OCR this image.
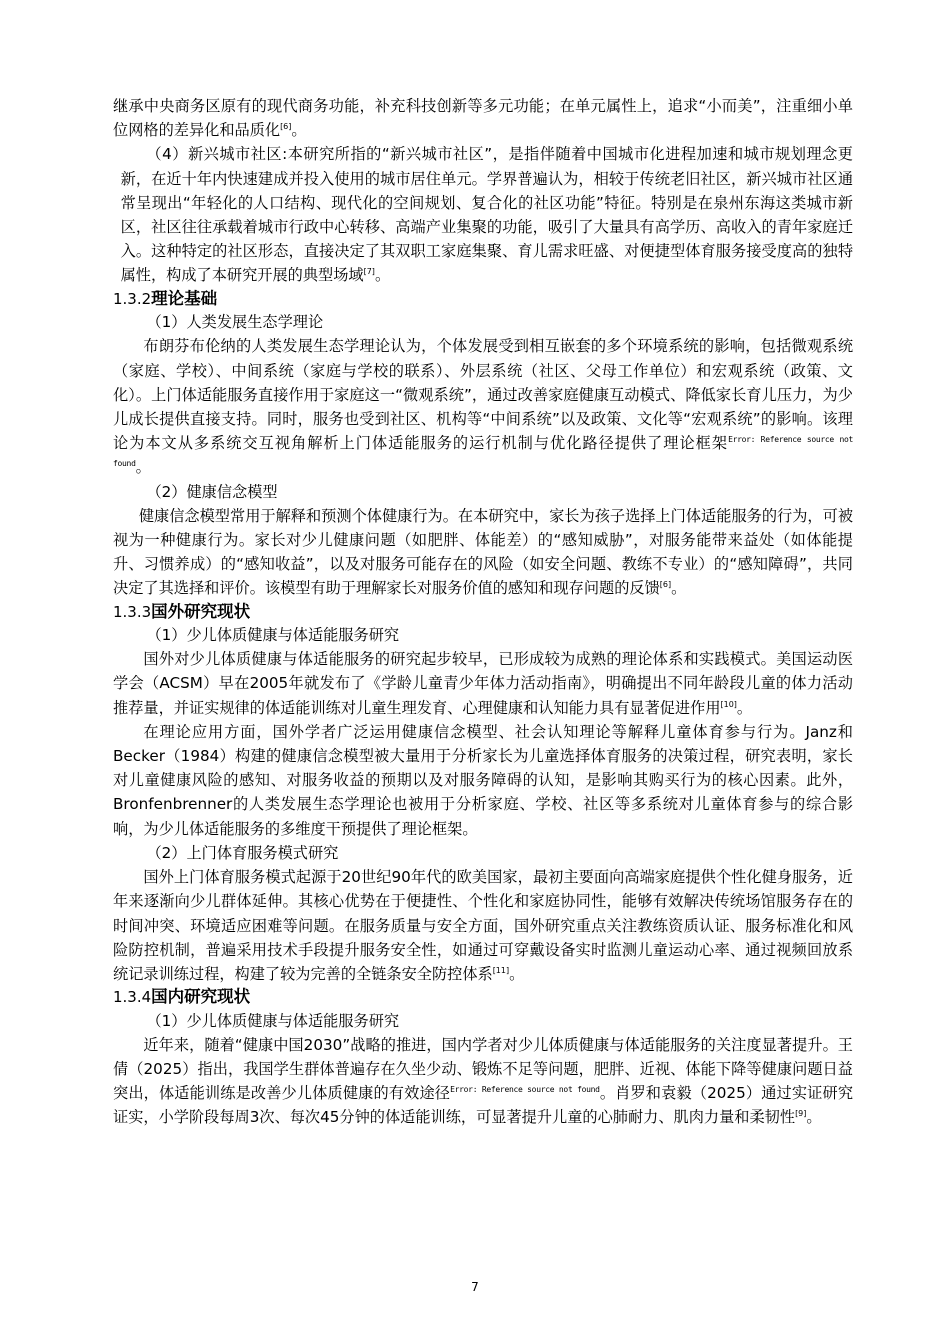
继承中央商务区原有的现代商务功能，补充科技创新等多元功能；在单元属性上，追求“小而美”，注重细小单位网格的差异化和品质化[6]。

（4）新兴城市社区:本研究所指的“新兴城市社区”，是指伴随着中国城市化进程加速和城市规划理念更新，在近十年内快速建成并投入使用的城市居住单元。学界普遍认为，相较于传统老旧社区，新兴城市社区通常呈现出“年轻化的人口结构、现代化的空间规划、复合化的社区功能”特征。特别是在泉州东海这类城市新区，社区往往承载着城市行政中心转移、高端产业集聚的功能，吸引了大量具有高学历、高收入的青年家庭迁入。这种特定的社区形态，直接决定了其双职工家庭集聚、育儿需求旺盛、对便捷型体育服务接受度高的独特属性，构成了本研究开展的典型场域[7]。

1.3.2理论基础
（1）人类发展生态学理论

布朗芬布伦纳的人类发展生态学理论认为，个体发展受到相互嵌套的多个环境系统的影响，包括微观系统（家庭、学校）、中间系统（家庭与学校的联系）、外层系统（社区、父母工作单位）和宏观系统（政策、文化）。上门体适能服务直接作用于家庭这一“微观系统”，通过改善家庭健康互动模式、降低家长育儿压力，为少儿成长提供直接支持。同时，服务也受到社区、机构等“中间系统”以及政策、文化等“宏观系统”的影响。该理论为本文从多系统交互视角解析上门体适能服务的运行机制与优化路径提供了理论框架$^{Error: Reference source not found}$。

（2）健康信念模型

健康信念模型常用于解释和预测个体健康行为。在本研究中，家长为孩子选择上门体适能服务的行为，可被视为一种健康行为。家长对少儿健康问题（如肥胖、体能差）的“感知威胁”，对服务能带来益处（如体能提升、习惯养成）的“感知收益”，以及对服务可能存在的风险（如安全问题、教练不专业）的“感知障碍”，共同决定了其选择和评价。该模型有助于理解家长对服务价值的感知和现存问题的反馈[6]。

1.3.3国外研究现状
（1）少儿体质健康与体适能服务研究

国外对少儿体质健康与体适能服务的研究起步较早，已形成较为成熟的理论体系和实践模式。美国运动医学会（ACSM）早在2005年就发布了《学龄儿童青少年体力活动指南》，明确提出不同年龄段儿童的体力活动推荐量，并证实规律的体适能训练对儿童生理发育、心理健康和认知能力具有显著促进作用[10]。

在理论应用方面，国外学者广泛运用健康信念模型、社会认知理论等解释儿童体育参与行为。Janz和Becker（1984）构建的健康信念模型被大量用于分析家长为儿童选择体育服务的决策过程，研究表明，家长对儿童健康风险的感知、对服务收益的预期以及对服务障碍的认知，是影响其购买行为的核心因素。此外，Bronfenbrenner的人类发展生态学理论也被用于分析家庭、学校、社区等多系统对儿童体育参与的综合影响，为少儿体适能服务的多维度干预提供了理论框架。

（2）上门体育服务模式研究

国外上门体育服务模式起源于20世纪90年代的欧美国家，最初主要面向高端家庭提供个性化健身服务，近年来逐渐向少儿群体延伸。其核心优势在于便捷性、个性化和家庭协同性，能够有效解决传统场馆服务存在的时间冲突、环境适应困难等问题。在服务质量与安全方面，国外研究重点关注教练资质认证、服务标准化和风险防控机制，普遍采用技术手段提升服务安全性，如通过可穿戴设备实时监测儿童运动心率、通过视频回放系统记录训练过程，构建了较为完善的全链条安全防控体系[11]。

1.3.4国内研究现状
（1）少儿体质健康与体适能服务研究

近年来，随着“健康中国2030”战略的推进，国内学者对少儿体质健康与体适能服务的关注度显著提升。王倩（2025）指出，我国学生群体普遍存在久坐少动、锻炼不足等问题，肥胖、近视、体能下降等健康问题日益突出，体适能训练是改善少儿体质健康的有效途径$^{Error: Reference source not found}$。肖罗和袁毅（2025）通过实证研究证实，小学阶段每周3次、每次45分钟的体适能训练，可显著提升儿童的心肺耐力、肌肉力量和柔韧性[9]。

7
